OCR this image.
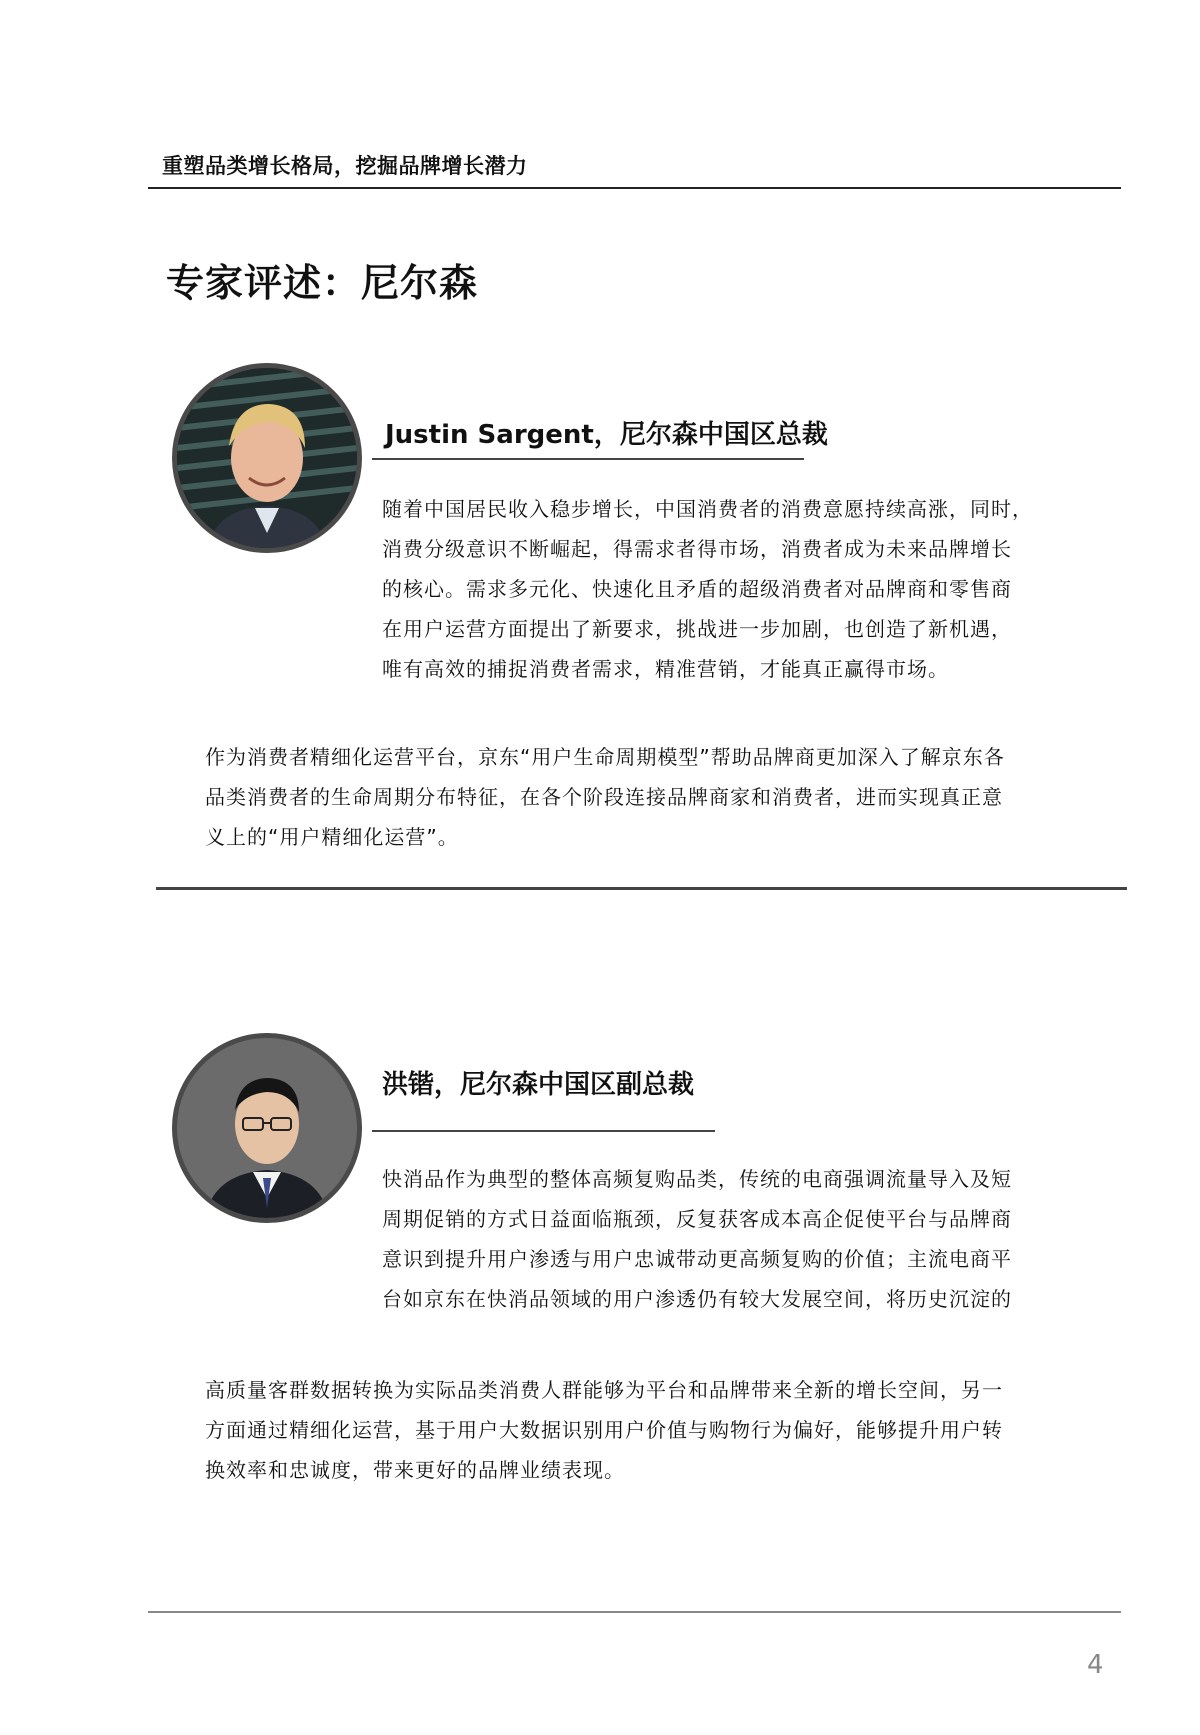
重塑品类增长格局，挖掘品牌增长潜力
专家评述：尼尔森
Justin Sargent，尼尔森中国区总裁

随着中国居民收入稳步增长，中国消费者的消费意愿持续高涨，同时，

消费分级意识不断崛起，得需求者得市场，消费者成为未来品牌增长

的核心。需求多元化、快速化且矛盾的超级消费者对品牌商和零售商

在用户运营方面提出了新要求，挑战进一步加剧，也创造了新机遇，

唯有高效的捕捉消费者需求，精准营销，才能真正赢得市场。

作为消费者精细化运营平台，京东“用户生命周期模型”帮助品牌商更加深入了解京东各

品类消费者的生命周期分布特征，在各个阶段连接品牌商家和消费者，进而实现真正意

义上的“用户精细化运营”。

洪锴，尼尔森中国区副总裁

快消品作为典型的整体高频复购品类，传统的电商强调流量导入及短

周期促销的方式日益面临瓶颈，反复获客成本高企促使平台与品牌商

意识到提升用户渗透与用户忠诚带动更高频复购的价值；主流电商平

台如京东在快消品领域的用户渗透仍有较大发展空间，将历史沉淀的

高质量客群数据转换为实际品类消费人群能够为平台和品牌带来全新的增长空间，另一

方面通过精细化运营，基于用户大数据识别用户价值与购物行为偏好，能够提升用户转

换效率和忠诚度，带来更好的品牌业绩表现。

4
